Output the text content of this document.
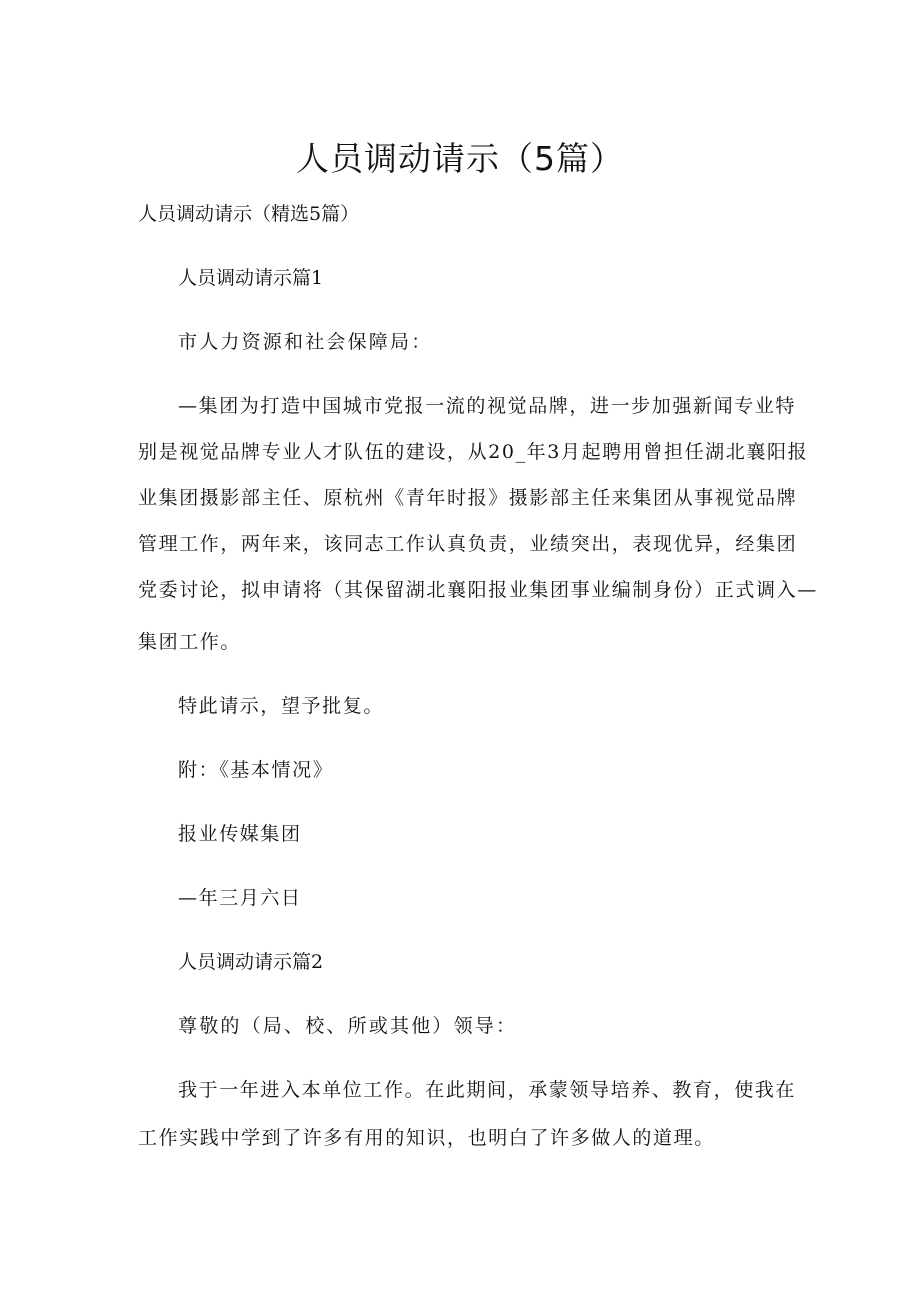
人员调动请示（5篇）

人员调动请示（精选5篇）

人员调动请示篇1

市人力资源和社会保障局：

—集团为打造中国城市党报一流的视觉品牌，进一步加强新闻专业特

别是视觉品牌专业人才队伍的建设，从20_年3月起聘用曾担任湖北襄阳报

业集团摄影部主任、原杭州《青年时报》摄影部主任来集团从事视觉品牌

管理工作，两年来，该同志工作认真负责，业绩突出，表现优异，经集团

党委讨论，拟申请将（其保留湖北襄阳报业集团事业编制身份）正式调入—

集团工作。

特此请示，望予批复。

附：《基本情况》

报业传媒集团

—年三月六日

人员调动请示篇2

尊敬的（局、校、所或其他）领导：

我于一年进入本单位工作。在此期间，承蒙领导培养、教育，使我在

工作实践中学到了许多有用的知识，也明白了许多做人的道理。
